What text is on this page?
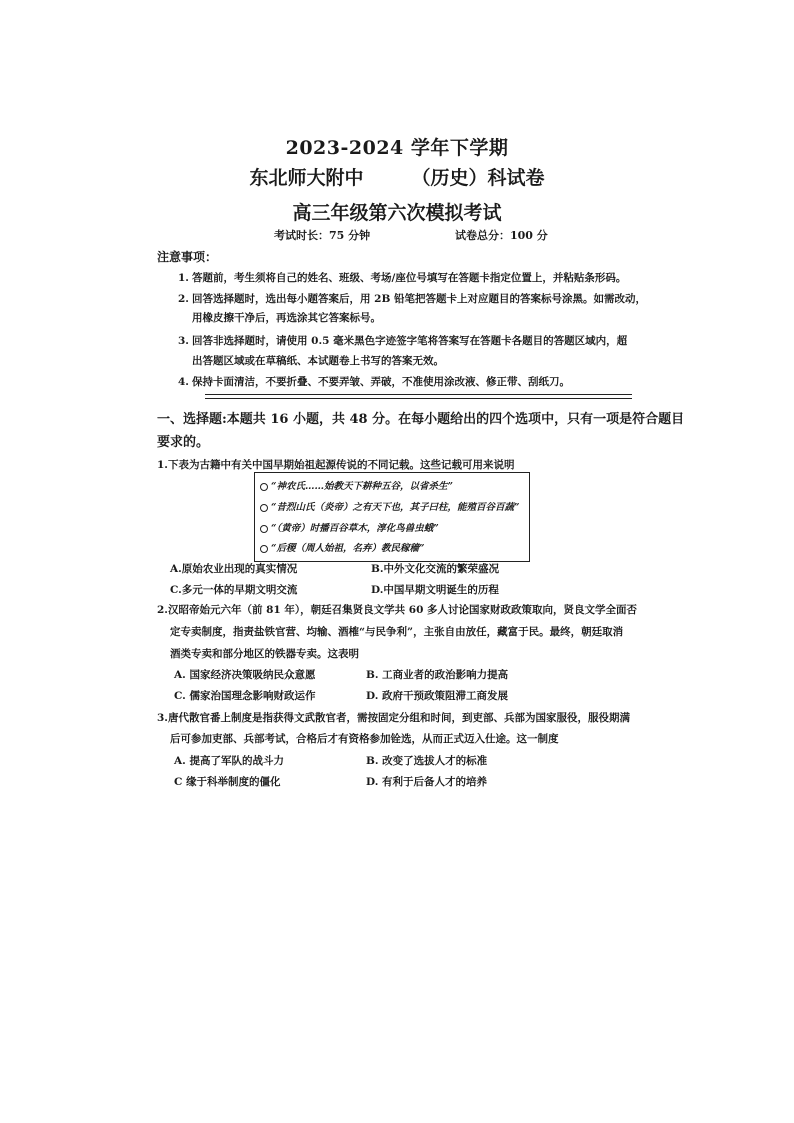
2023-2024 学年下学期
东北师大附中	（历史）科试卷
高三年级第六次模拟考试
考试时长：75 分钟	试卷总分：100 分
注意事项：
1. 答题前，考生须将自己的姓名、班级、考场/座位号填写在答题卡指定位置上，并粘贴条形码。
2. 回答选择题时，选出每小题答案后，用 2B 铅笔把答题卡上对应题目的答案标号涂黑。如需改动，
用橡皮擦干净后，再选涂其它答案标号。
3. 回答非选择题时，请使用 0.5 毫米黑色字迹签字笔将答案写在答题卡各题目的答题区域内，超
出答题区域或在草稿纸、本试题卷上书写的答案无效。
4. 保持卡面清洁，不要折叠、不要弄皱、弄破，不准使用涂改液、修正带、刮纸刀。
一、选择题:本题共 16 小题，共 48 分。在每小题给出的四个选项中，只有一项是符合题目
要求的。
1.下表为古籍中有关中国早期始祖起源传说的不同记载。这些记载可用来说明
“神农氏……始教天下耕种五谷，以省杀生”
“昔烈山氏（炎帝）之有天下也，其子曰柱，能殖百谷百蔬”
“（黄帝）时播百谷草木，淳化鸟兽虫蛾”
“后稷（周人始祖，名弃）教民稼穑”
A.原始农业出现的真实情况	B.中外文化交流的繁荣盛况
C.多元一体的早期文明交流	D.中国早期文明诞生的历程
2.汉昭帝始元六年（前 81 年），朝廷召集贤良文学共 60 多人讨论国家财政政策取向，贤良文学全面否
定专卖制度，指责盐铁官营、均输、酒榷“与民争利”，主张自由放任，藏富于民。最终，朝廷取消
酒类专卖和部分地区的铁器专卖。这表明
A. 国家经济决策吸纳民众意愿	B. 工商业者的政治影响力提高
C. 儒家治国理念影响财政运作	D. 政府干预政策阻滞工商发展
3.唐代散官番上制度是指获得文武散官者，需按固定分组和时间，到吏部、兵部为国家服役，服役期满
后可参加吏部、兵部考试，合格后才有资格参加铨选，从而正式迈入仕途。这一制度
A. 提高了军队的战斗力	B. 改变了选拔人才的标准
C 缘于科举制度的僵化	D. 有利于后备人才的培养
